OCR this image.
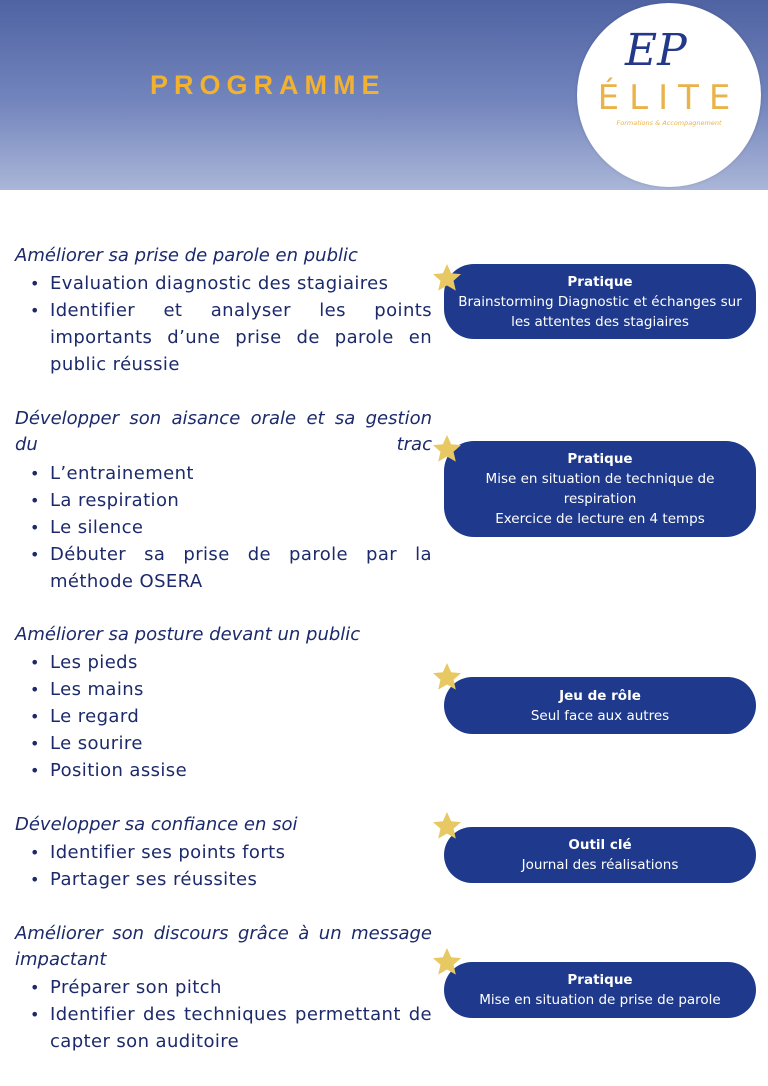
PROGRAMME
EP
ÉLITE
Formations & Accompagnement
Améliorer sa prise de parole en public
• Evaluation diagnostic des stagiaires
• Identifier et analyser les points importants d’une prise de parole en public réussie
Développer son aisance orale et sa gestion du trac
• L’entrainement
• La respiration
• Le silence
• Débuter sa prise de parole par la méthode OSERA
Améliorer sa posture devant un public
• Les pieds
• Les mains
• Le regard
• Le sourire
• Position assise
Développer sa confiance en soi
• Identifier ses points forts
• Partager ses réussites
Améliorer son discours grâce à un message impactant
• Préparer son pitch
• Identifier des techniques permettant de capter son auditoire
Pratique
Brainstorming Diagnostic et échanges sur les attentes des stagiaires
Pratique
Mise en situation de technique de respiration
Exercice de lecture en 4 temps
Jeu de rôle
Seul face aux autres
Outil clé
Journal des réalisations
Pratique
Mise en situation de prise de parole
